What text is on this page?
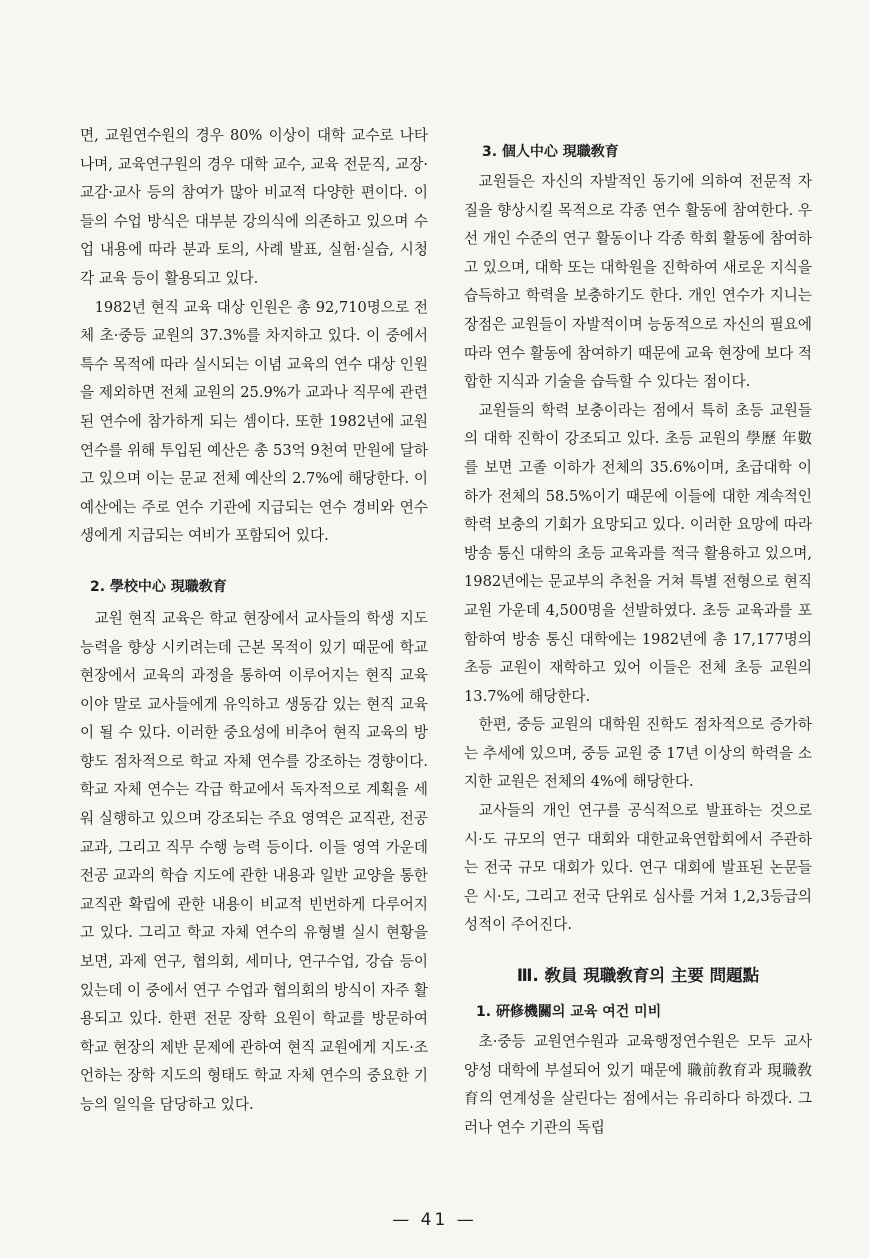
면, 교원연수원의 경우 80% 이상이 대학 교수로 나타나며, 교육연구원의 경우 대학 교수, 교육 전문직, 교장·교감·교사 등의 참여가 많아 비교적 다양한 편이다. 이들의 수업 방식은 대부분 강의식에 의존하고 있으며 수업 내용에 따라 분과 토의, 사례 발표, 실험·실습, 시청각 교육 등이 활용되고 있다.

1982년 현직 교육 대상 인원은 총 92,710명으로 전체 초·중등 교원의 37.3%를 차지하고 있다. 이 중에서 특수 목적에 따라 실시되는 이념 교육의 연수 대상 인원을 제외하면 전체 교원의 25.9%가 교과나 직무에 관련된 연수에 참가하게 되는 셈이다. 또한 1982년에 교원 연수를 위해 투입된 예산은 총 53억 9천여 만원에 달하고 있으며 이는 문교 전체 예산의 2.7%에 해당한다. 이 예산에는 주로 연수 기관에 지급되는 연수 경비와 연수생에게 지급되는 여비가 포함되어 있다.

2. 學校中心 現職敎育

교원 현직 교육은 학교 현장에서 교사들의 학생 지도 능력을 향상 시키려는데 근본 목적이 있기 때문에 학교 현장에서 교육의 과정을 통하여 이루어지는 현직 교육이야 말로 교사들에게 유익하고 생동감 있는 현직 교육이 될 수 있다. 이러한 중요성에 비추어 현직 교육의 방향도 점차적으로 학교 자체 연수를 강조하는 경향이다. 학교 자체 연수는 각급 학교에서 독자적으로 계획을 세워 실행하고 있으며 강조되는 주요 영역은 교직관, 전공 교과, 그리고 직무 수행 능력 등이다. 이들 영역 가운데 전공 교과의 학습 지도에 관한 내용과 일반 교양을 통한 교직관 확립에 관한 내용이 비교적 빈번하게 다루어지고 있다. 그리고 학교 자체 연수의 유형별 실시 현황을 보면, 과제 연구, 협의회, 세미나, 연구수업, 강습 등이 있는데 이 중에서 연구 수업과 협의회의 방식이 자주 활용되고 있다. 한편 전문 장학 요원이 학교를 방문하여 학교 현장의 제반 문제에 관하여 현직 교원에게 지도·조언하는 장학 지도의 형태도 학교 자체 연수의 중요한 기능의 일익을 담당하고 있다.

3. 個人中心 現職敎育

교원들은 자신의 자발적인 동기에 의하여 전문적 자질을 향상시킬 목적으로 각종 연수 활동에 참여한다. 우선 개인 수준의 연구 활동이나 각종 학회 활동에 참여하고 있으며, 대학 또는 대학원을 진학하여 새로운 지식을 습득하고 학력을 보충하기도 한다. 개인 연수가 지니는 장점은 교원들이 자발적이며 능동적으로 자신의 필요에 따라 연수 활동에 참여하기 때문에 교육 현장에 보다 적합한 지식과 기술을 습득할 수 있다는 점이다.

교원들의 학력 보충이라는 점에서 특히 초등 교원들의 대학 진학이 강조되고 있다. 초등 교원의 學歷 年數를 보면 고졸 이하가 전체의 35.6%이며, 초급대학 이하가 전체의 58.5%이기 때문에 이들에 대한 계속적인 학력 보충의 기회가 요망되고 있다. 이러한 요망에 따라 방송 통신 대학의 초등 교육과를 적극 활용하고 있으며, 1982년에는 문교부의 추천을 거쳐 특별 전형으로 현직 교원 가운데 4,500명을 선발하였다. 초등 교육과를 포함하여 방송 통신 대학에는 1982년에 총 17,177명의 초등 교원이 재학하고 있어 이들은 전체 초등 교원의 13.7%에 해당한다.

한편, 중등 교원의 대학원 진학도 점차적으로 증가하는 추세에 있으며, 중등 교원 중 17년 이상의 학력을 소지한 교원은 전체의 4%에 해당한다.

교사들의 개인 연구를 공식적으로 발표하는 것으로 시·도 규모의 연구 대회와 대한교육연합회에서 주관하는 전국 규모 대회가 있다. 연구 대회에 발표된 논문들은 시·도, 그리고 전국 단위로 심사를 거쳐 1,2,3등급의 성적이 주어진다.

Ⅲ. 敎員 現職敎育의 主要 問題點
1. 硏修機關의 교육 여건 미비

초·중등 교원연수원과 교육행정연수원은 모두 교사 양성 대학에 부설되어 있기 때문에 職前敎育과 現職敎育의 연계성을 살린다는 점에서는 유리하다 하겠다. 그러나 연수 기관의 독립

— 41 —
